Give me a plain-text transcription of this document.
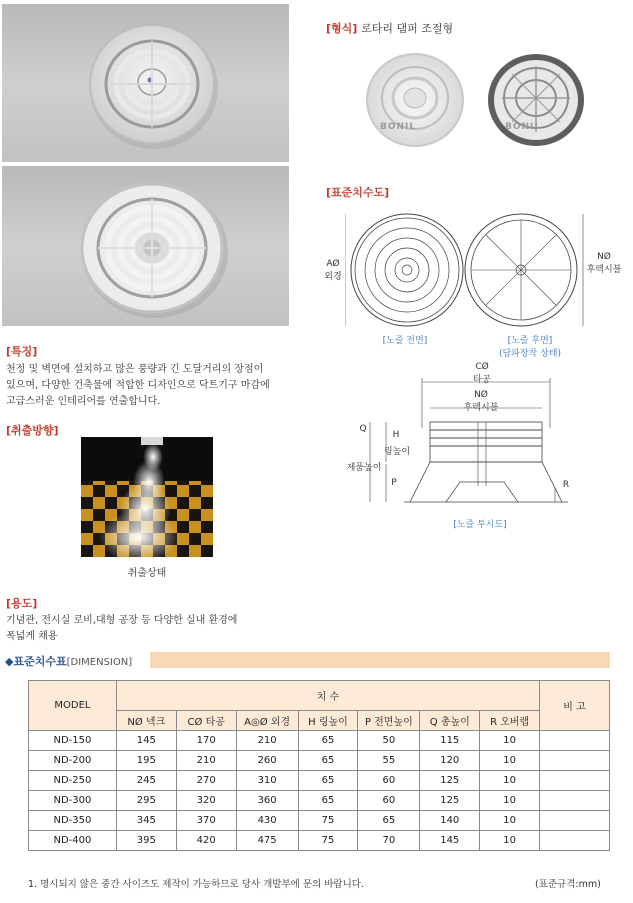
[형식] 로타리 댐퍼 조절형
BONIL	BONIL
[표준치수도]
AØ
외경
NØ
후렉시블
[노즐 전면]	[노즐 후면]
(담파장착 상태)
CØ
타공
NØ
후렉시블
H
링높이
Q
제품높이
P	R
[노즐 투시도]
[특징]
천정 및 벽면에 설치하고 많은 풍량과 긴 도달거리의 장점이
있으며, 다양한 건축물에 적합한 디자인으로 닥트기구 마감에
고급스러운 인테리어를 연출합니다.
[취출방향]
취출상태
[용도]
기념관, 전시실 로비,대형 공장 등 다양한 실내 환경에
폭넓게 채용
◆표준치수표[DIMENSION]
MODEL	치 수							비 고
	NØ 넥크	CØ 타공	A◎Ø 외경	H 링높이	P 전면높이	Q 총높이	R 오버랩	
ND-150	145	170	210	65	50	115	10	
ND-200	195	210	260	65	55	120	10	
ND-250	245	270	310	65	60	125	10	
ND-300	295	320	360	65	60	125	10	
ND-350	345	370	430	75	65	140	10	
ND-400	395	420	475	75	70	145	10	
1. 명시되지 않은 중간 사이즈도 제작이 가능하므로 당사 개발부에 문의 바랍니다.	(표준규격:mm)
